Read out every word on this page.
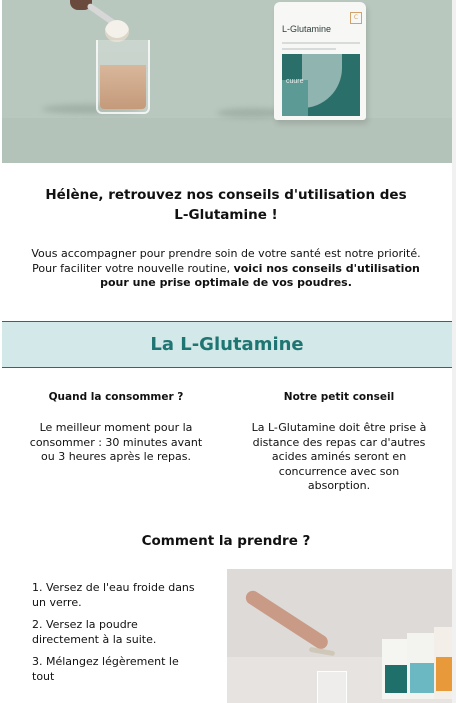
C
L-Glutamine
cuure
Hélène, retrouvez nos conseils d'utilisation des L-Glutamine !
Vous accompagner pour prendre soin de votre santé est notre priorité. Pour faciliter votre nouvelle routine, voici nos conseils d'utilisation pour une prise optimale de vos poudres.
La L-Glutamine
Quand la consommer ?

Le meilleur moment pour la consommer : 30 minutes avant ou 3 heures après le repas.

Notre petit conseil

La L-Glutamine doit être prise à distance des repas car d'autres acides aminés seront en concurrence avec son absorption.

Comment la prendre ?

1. Versez de l'eau froide dans un verre.

2. Versez la poudre directement à la suite.

3. Mélangez légèrement le tout
